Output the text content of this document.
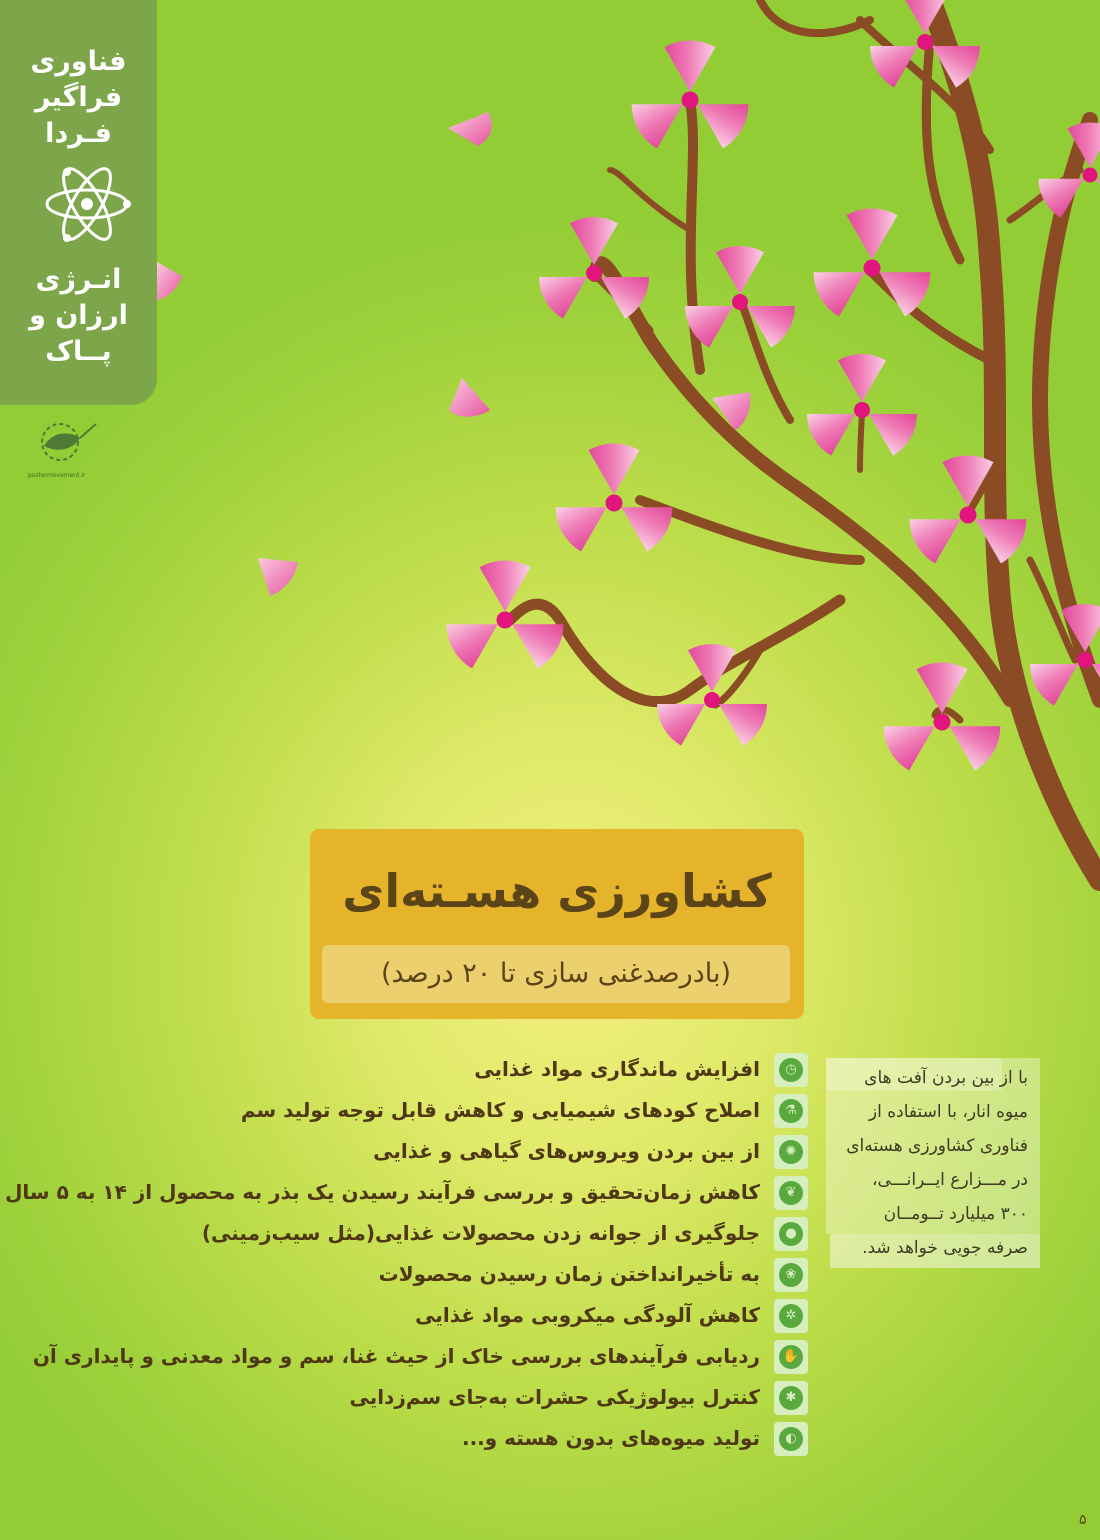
فناوری
فراگیر
فـردا
انـرژی
ارزان و
پــاک
postermovement.ir
کشاورزی هسـته‌ای
(بادرصدغنی سازی تا ۲۰ درصد)
◷
افزایش ماندگاری مواد غذایی
⚗
اصلاح کودهای شیمیایی و کاهش قابل توجه تولید سم
✺
از بین بردن ویروس‌های گیاهی و غذایی
❦
کاهش زمان‌تحقیق و بررسی فرآیند رسیدن یک بذر به محصول از ۱۴ به ۵ سال
●
جلوگیری از جوانه زدن محصولات غذایی(مثل سیب‌زمینی)
❀
به تأخیرانداختن زمان رسیدن محصولات
✲
کاهش آلودگی میکروبی مواد غذایی
✋
ردیابی فرآیندهای بررسی خاک از حیث غنا، سم و مواد معدنی و پایداری آن
✱
کنترل بیولوژیکی حشرات به‌جای سم‌زدایی
◐
تولید میوه‌های بدون هسته و...
با از بین بردن آفت های
میوه انار، با استفاده از
فناوری کشاورزی هسته‌ای
در مـــزارع ایــرانـــی،
۳۰۰ میلیارد تــومــان
صرفه جویی خواهد شد.
۵
